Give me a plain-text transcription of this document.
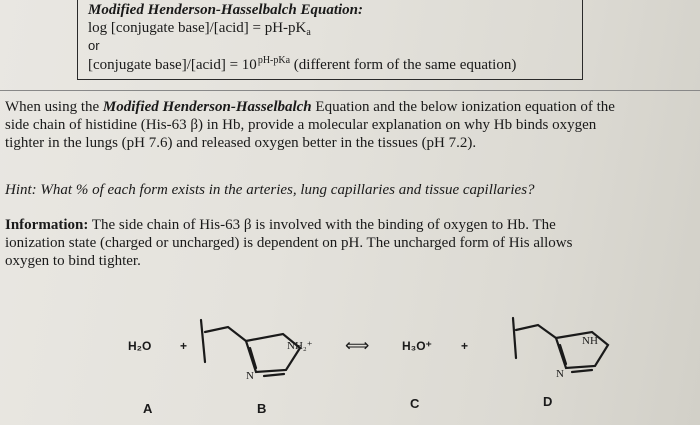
Modified Henderson-Hasselbalch Equation:
log [conjugate base]/[acid] = $pH-pK_a$
or
[conjugate base]/[acid] = $10^{pH-pKa}$ (different form of the same equation)
When using the Modified Henderson-Hasselbalch Equation and the below ionization equation of the
side chain of histidine (His-63 β) in Hb, provide a molecular explanation on why Hb binds oxygen
tighter in the lungs (pH 7.6) and released oxygen better in the tissues (pH 7.2).
Hint: What % of each form exists in the arteries, lung capillaries and tissue capillaries?
Information: The side chain of His-63 β is involved with the binding of oxygen to Hb. The
ionization state (charged or uncharged) is dependent on pH. The uncharged form of His allows
oxygen to bind tighter.
H₂O +	NH₂⁺
N
⟺	H₃O⁺ +	NH
N
A	B	C	D
